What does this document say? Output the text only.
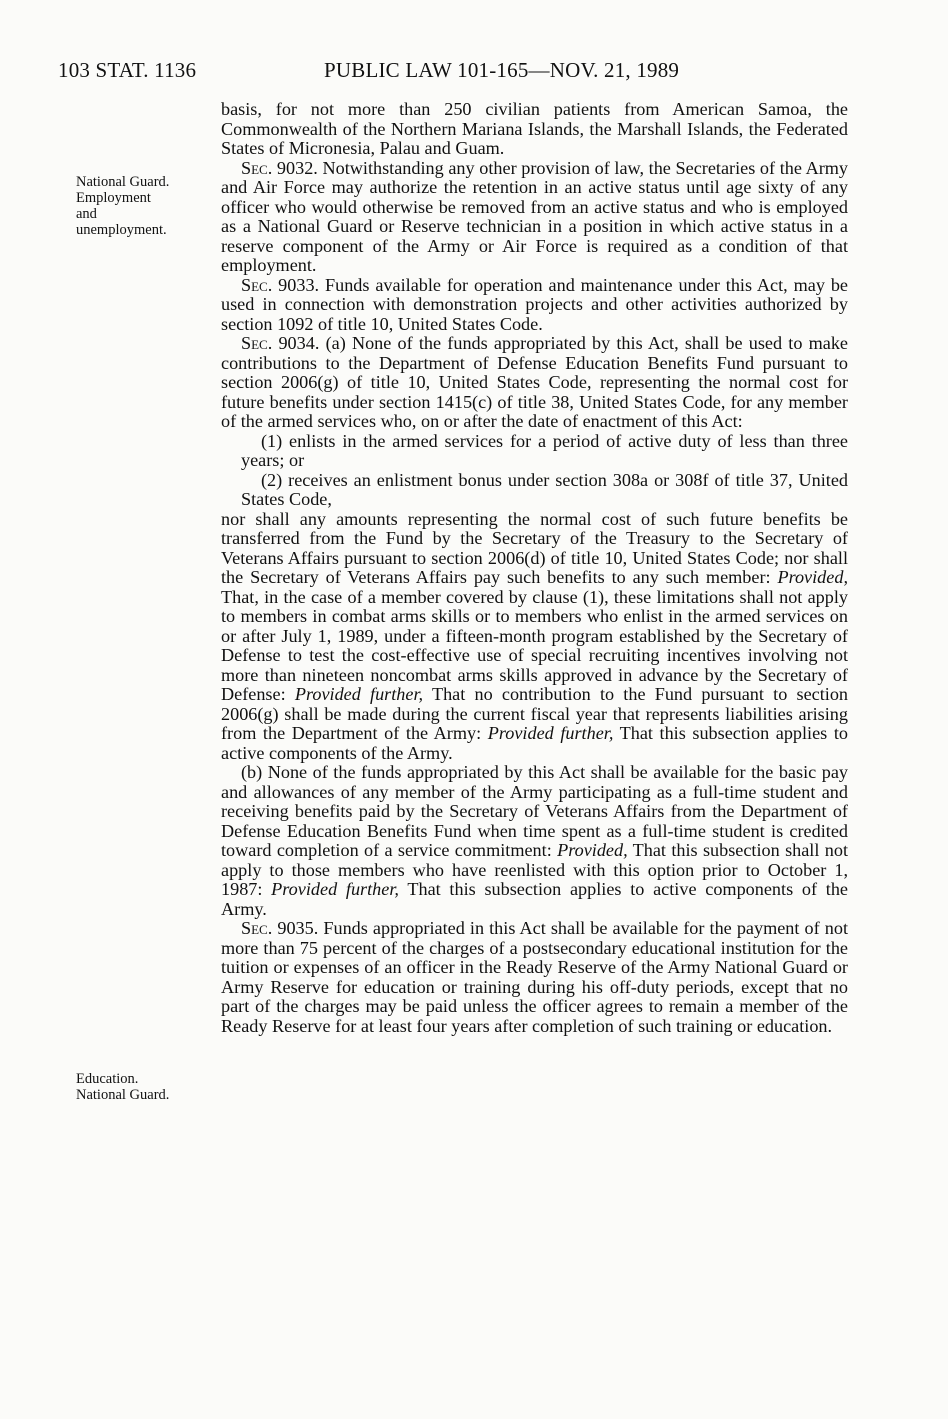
103 STAT. 1136	PUBLIC LAW 101-165—NOV. 21, 1989
National Guard.
Employment
and
unemployment.
Education.
National Guard.

basis, for not more than 250 civilian patients from American Samoa, the Commonwealth of the Northern Mariana Islands, the Marshall Islands, the Federated States of Micronesia, Palau and Guam.

Sec. 9032. Notwithstanding any other provision of law, the Secretaries of the Army and Air Force may authorize the retention in an active status until age sixty of any officer who would otherwise be removed from an active status and who is employed as a National Guard or Reserve technician in a position in which active status in a reserve component of the Army or Air Force is required as a condition of that employment.

Sec. 9033. Funds available for operation and maintenance under this Act, may be used in connection with demonstration projects and other activities authorized by section 1092 of title 10, United States Code.

Sec. 9034. (a) None of the funds appropriated by this Act, shall be used to make contributions to the Department of Defense Education Benefits Fund pursuant to section 2006(g) of title 10, United States Code, representing the normal cost for future benefits under section 1415(c) of title 38, United States Code, for any member of the armed services who, on or after the date of enactment of this Act:

(1) enlists in the armed services for a period of active duty of less than three years; or

(2) receives an enlistment bonus under section 308a or 308f of title 37, United States Code,

nor shall any amounts representing the normal cost of such future benefits be transferred from the Fund by the Secretary of the Treasury to the Secretary of Veterans Affairs pursuant to section 2006(d) of title 10, United States Code; nor shall the Secretary of Veterans Affairs pay such benefits to any such member: Provided, That, in the case of a member covered by clause (1), these limitations shall not apply to members in combat arms skills or to members who enlist in the armed services on or after July 1, 1989, under a fifteen-month program established by the Secretary of Defense to test the cost-effective use of special recruiting incentives involving not more than nineteen noncombat arms skills approved in advance by the Secretary of Defense: Provided further, That no contribution to the Fund pursuant to section 2006(g) shall be made during the current fiscal year that represents liabilities arising from the Department of the Army: Provided further, That this subsection applies to active components of the Army.

(b) None of the funds appropriated by this Act shall be available for the basic pay and allowances of any member of the Army participating as a full-time student and receiving benefits paid by the Secretary of Veterans Affairs from the Department of Defense Education Benefits Fund when time spent as a full-time student is credited toward completion of a service commitment: Provided, That this subsection shall not apply to those members who have reenlisted with this option prior to October 1, 1987: Provided further, That this subsection applies to active components of the Army.

Sec. 9035. Funds appropriated in this Act shall be available for the payment of not more than 75 percent of the charges of a postsecondary educational institution for the tuition or expenses of an officer in the Ready Reserve of the Army National Guard or Army Reserve for education or training during his off-duty periods, except that no part of the charges may be paid unless the officer agrees to remain a member of the Ready Reserve for at least four years after completion of such training or education.
